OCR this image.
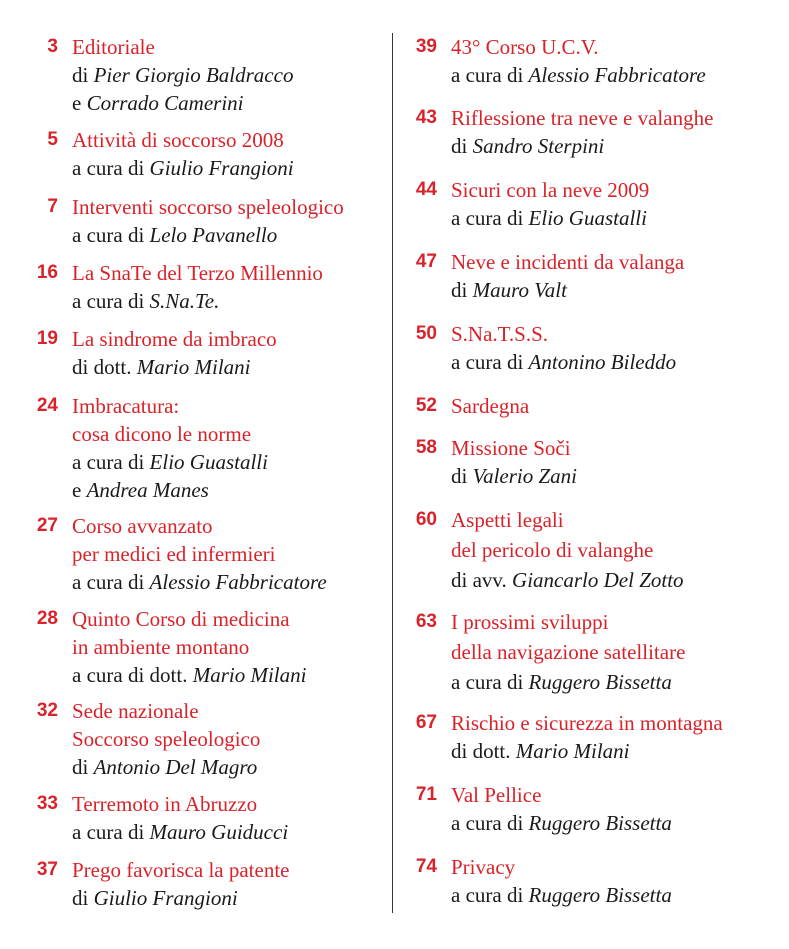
3 Editoriale
di Pier Giorgio Baldracco
e Corrado Camerini
5 Attività di soccorso 2008
a cura di Giulio Frangioni
7 Interventi soccorso speleologico
a cura di Lelo Pavanello
16 La SnaTe del Terzo Millennio
a cura di S.Na.Te.
19 La sindrome da imbraco
di dott. Mario Milani
24 Imbracatura:
cosa dicono le norme
a cura di Elio Guastalli
e Andrea Manes
27 Corso avvanzato
per medici ed infermieri
a cura di Alessio Fabbricatore
28 Quinto Corso di medicina
in ambiente montano
a cura di dott. Mario Milani
32 Sede nazionale
Soccorso speleologico
di Antonio Del Magro
33 Terremoto in Abruzzo
a cura di Mauro Guiducci
37 Prego favorisca la patente
di Giulio Frangioni
39 43° Corso U.C.V.
a cura di Alessio Fabbricatore
43 Riflessione tra neve e valanghe
di Sandro Sterpini
44 Sicuri con la neve 2009
a cura di Elio Guastalli
47 Neve e incidenti da valanga
di Mauro Valt
50 S.Na.T.S.S.
a cura di Antonino Bileddo
52 Sardegna
58 Missione Soči
di Valerio Zani
60 Aspetti legali
del pericolo di valanghe
di avv. Giancarlo Del Zotto
63 I prossimi sviluppi
della navigazione satellitare
a cura di Ruggero Bissetta
67 Rischio e sicurezza in montagna
di dott. Mario Milani
71 Val Pellice
a cura di Ruggero Bissetta
74 Privacy
a cura di Ruggero Bissetta
